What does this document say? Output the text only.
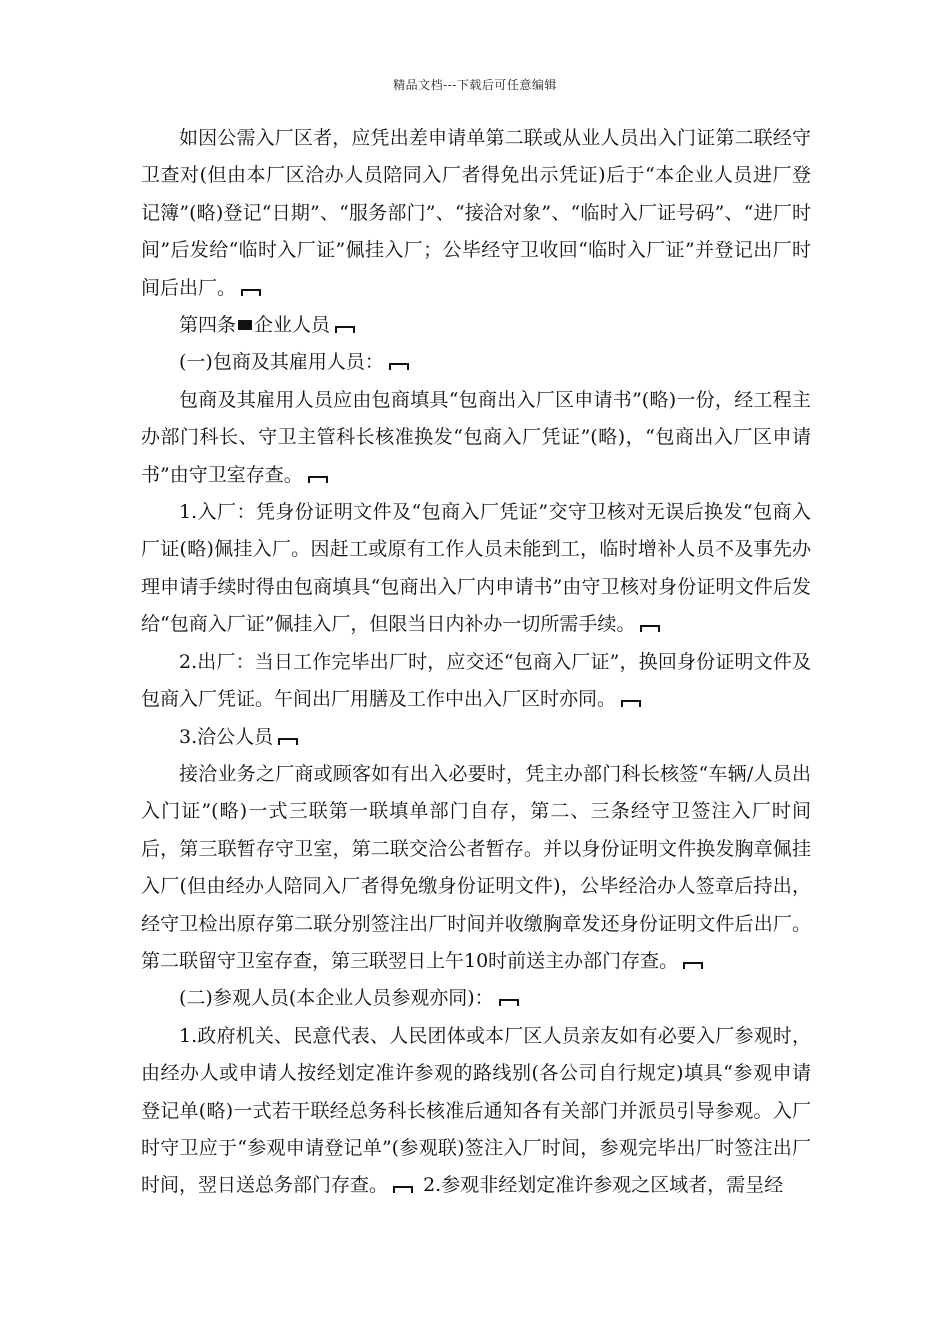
精品文档---下载后可任意编辑

如因公需入厂区者，应凭出差申请单第二联或从业人员出入门证第二联经守卫查对(但由本厂区洽办人员陪同入厂者得免出示凭证)后于“本企业人员进厂登记簿”(略)登记“日期”、“服务部门”、“接洽对象”、“临时入厂证号码”、“进厂时间”后发给“临时入厂证”佩挂入厂；公毕经守卫收回“临时入厂证”并登记出厂时间后出厂。

第四条 企业人员

(一)包商及其雇用人员：

包商及其雇用人员应由包商填具“包商出入厂区申请书”(略)一份，经工程主办部门科长、守卫主管科长核准换发“包商入厂凭证”(略)，“包商出入厂区申请书”由守卫室存查。

1.入厂：凭身份证明文件及“包商入厂凭证”交守卫核对无误后换发“包商入厂证(略)佩挂入厂。因赶工或原有工作人员未能到工，临时增补人员不及事先办理申请手续时得由包商填具“包商出入厂内申请书”由守卫核对身份证明文件后发给“包商入厂证”佩挂入厂，但限当日内补办一切所需手续。

2.出厂：当日工作完毕出厂时，应交还“包商入厂证”，换回身份证明文件及包商入厂凭证。午间出厂用膳及工作中出入厂区时亦同。

3.洽公人员

接洽业务之厂商或顾客如有出入必要时，凭主办部门科长核签“车辆/人员出入门证”(略)一式三联第一联填单部门自存，第二、三条经守卫签注入厂时间后，第三联暂存守卫室，第二联交洽公者暂存。并以身份证明文件换发胸章佩挂入厂(但由经办人陪同入厂者得免缴身份证明文件)，公毕经洽办人签章后持出，经守卫检出原存第二联分别签注出厂时间并收缴胸章发还身份证明文件后出厂。第二联留守卫室存查，第三联翌日上午10时前送主办部门存查。

(二)参观人员(本企业人员参观亦同)：

1.政府机关、民意代表、人民团体或本厂区人员亲友如有必要入厂参观时，由经办人或申请人按经划定准许参观的路线别(各公司自行规定)填具“参观申请登记单(略)一式若干联经总务科长核准后通知各有关部门并派员引导参观。入厂时守卫应于“参观申请登记单”(参观联)签注入厂时间，参观完毕出厂时签注出厂时间，翌日送总务部门存查。 2.参观非经划定准许参观之区域者，需呈经
